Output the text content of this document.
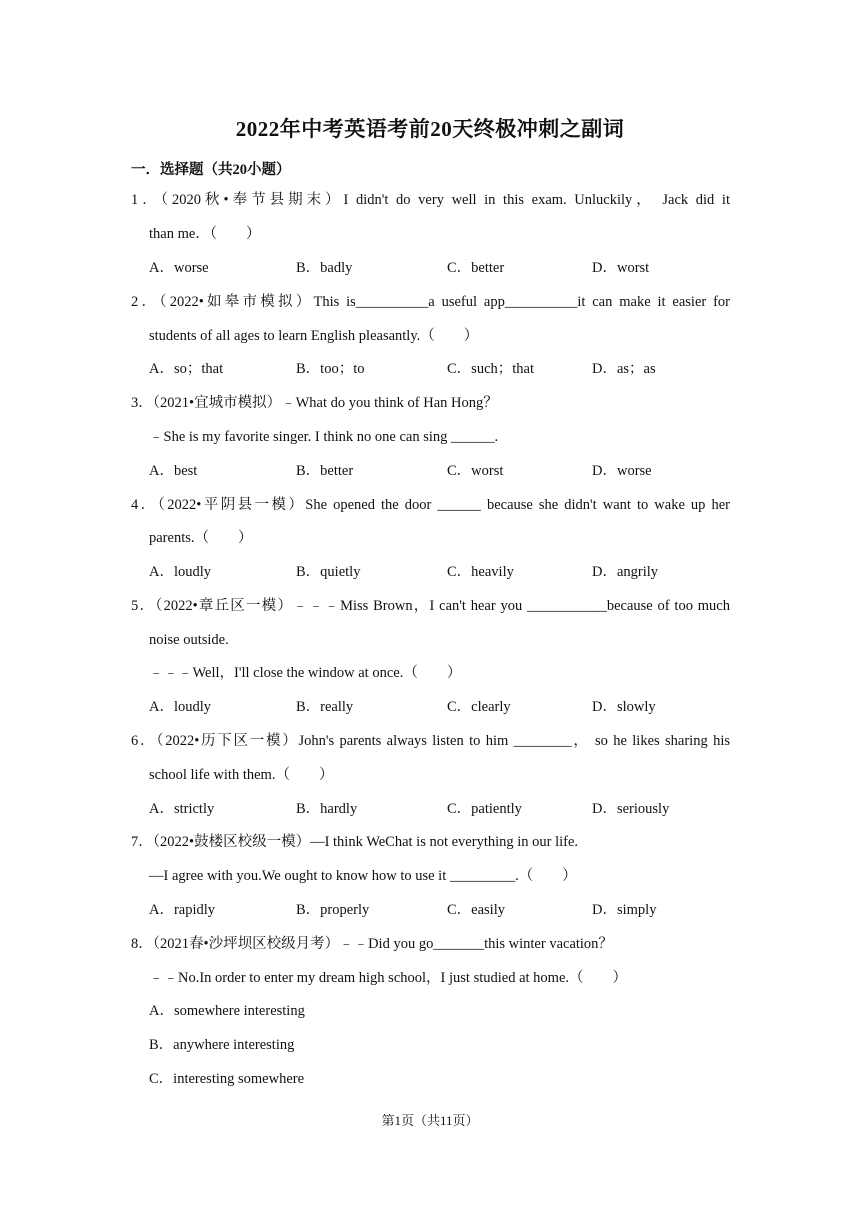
2022年中考英语考前20天终极冲刺之副词
一．选择题（共20小题）
1．（2020秋•奉节县期末）I didn't do very well in this exam. Unluckily， Jack did it
than me．（　　）
A．worse	B．badly	C．better	D．worst
2．（2022•如皋市模拟）This is__________a useful app__________it can make it easier for
students of all ages to learn English pleasantly.（　　）
A．so；that	B．too；to	C．such；that	D．as；as
3．（2021•宜城市模拟）﹣What do you think of Han Hong？
﹣She is my favorite singer. I think no one can sing ______.
A．best	B．better	C．worst	D．worse
4．（2022•平阴县一模）She opened the door ______ because she didn't want to wake up her
parents.（　　）
A．loudly	B．quietly	C．heavily	D．angrily
5．（2022•章丘区一模）﹣﹣﹣Miss Brown，I can't hear you ___________because of too much
noise outside.
﹣﹣﹣Well，I'll close the window at once.（　　）
A．loudly	B．really	C．clearly	D．slowly
6．（2022•历下区一模）John's parents always listen to him ________， so he likes sharing his
school life with them.（　　）
A．strictly	B．hardly	C．patiently	D．seriously
7．（2022•鼓楼区校级一模）—I think WeChat is not everything in our life.
—I agree with you.We ought to know how to use it _________.（　　）
A．rapidly	B．properly	C．easily	D．simply
8．（2021春•沙坪坝区校级月考）﹣﹣Did you go_______this winter vacation？
﹣﹣No.In order to enter my dream high school，I just studied at home.（　　）
A．somewhere interesting
B．anywhere interesting
C．interesting somewhere
第1页（共11页）
